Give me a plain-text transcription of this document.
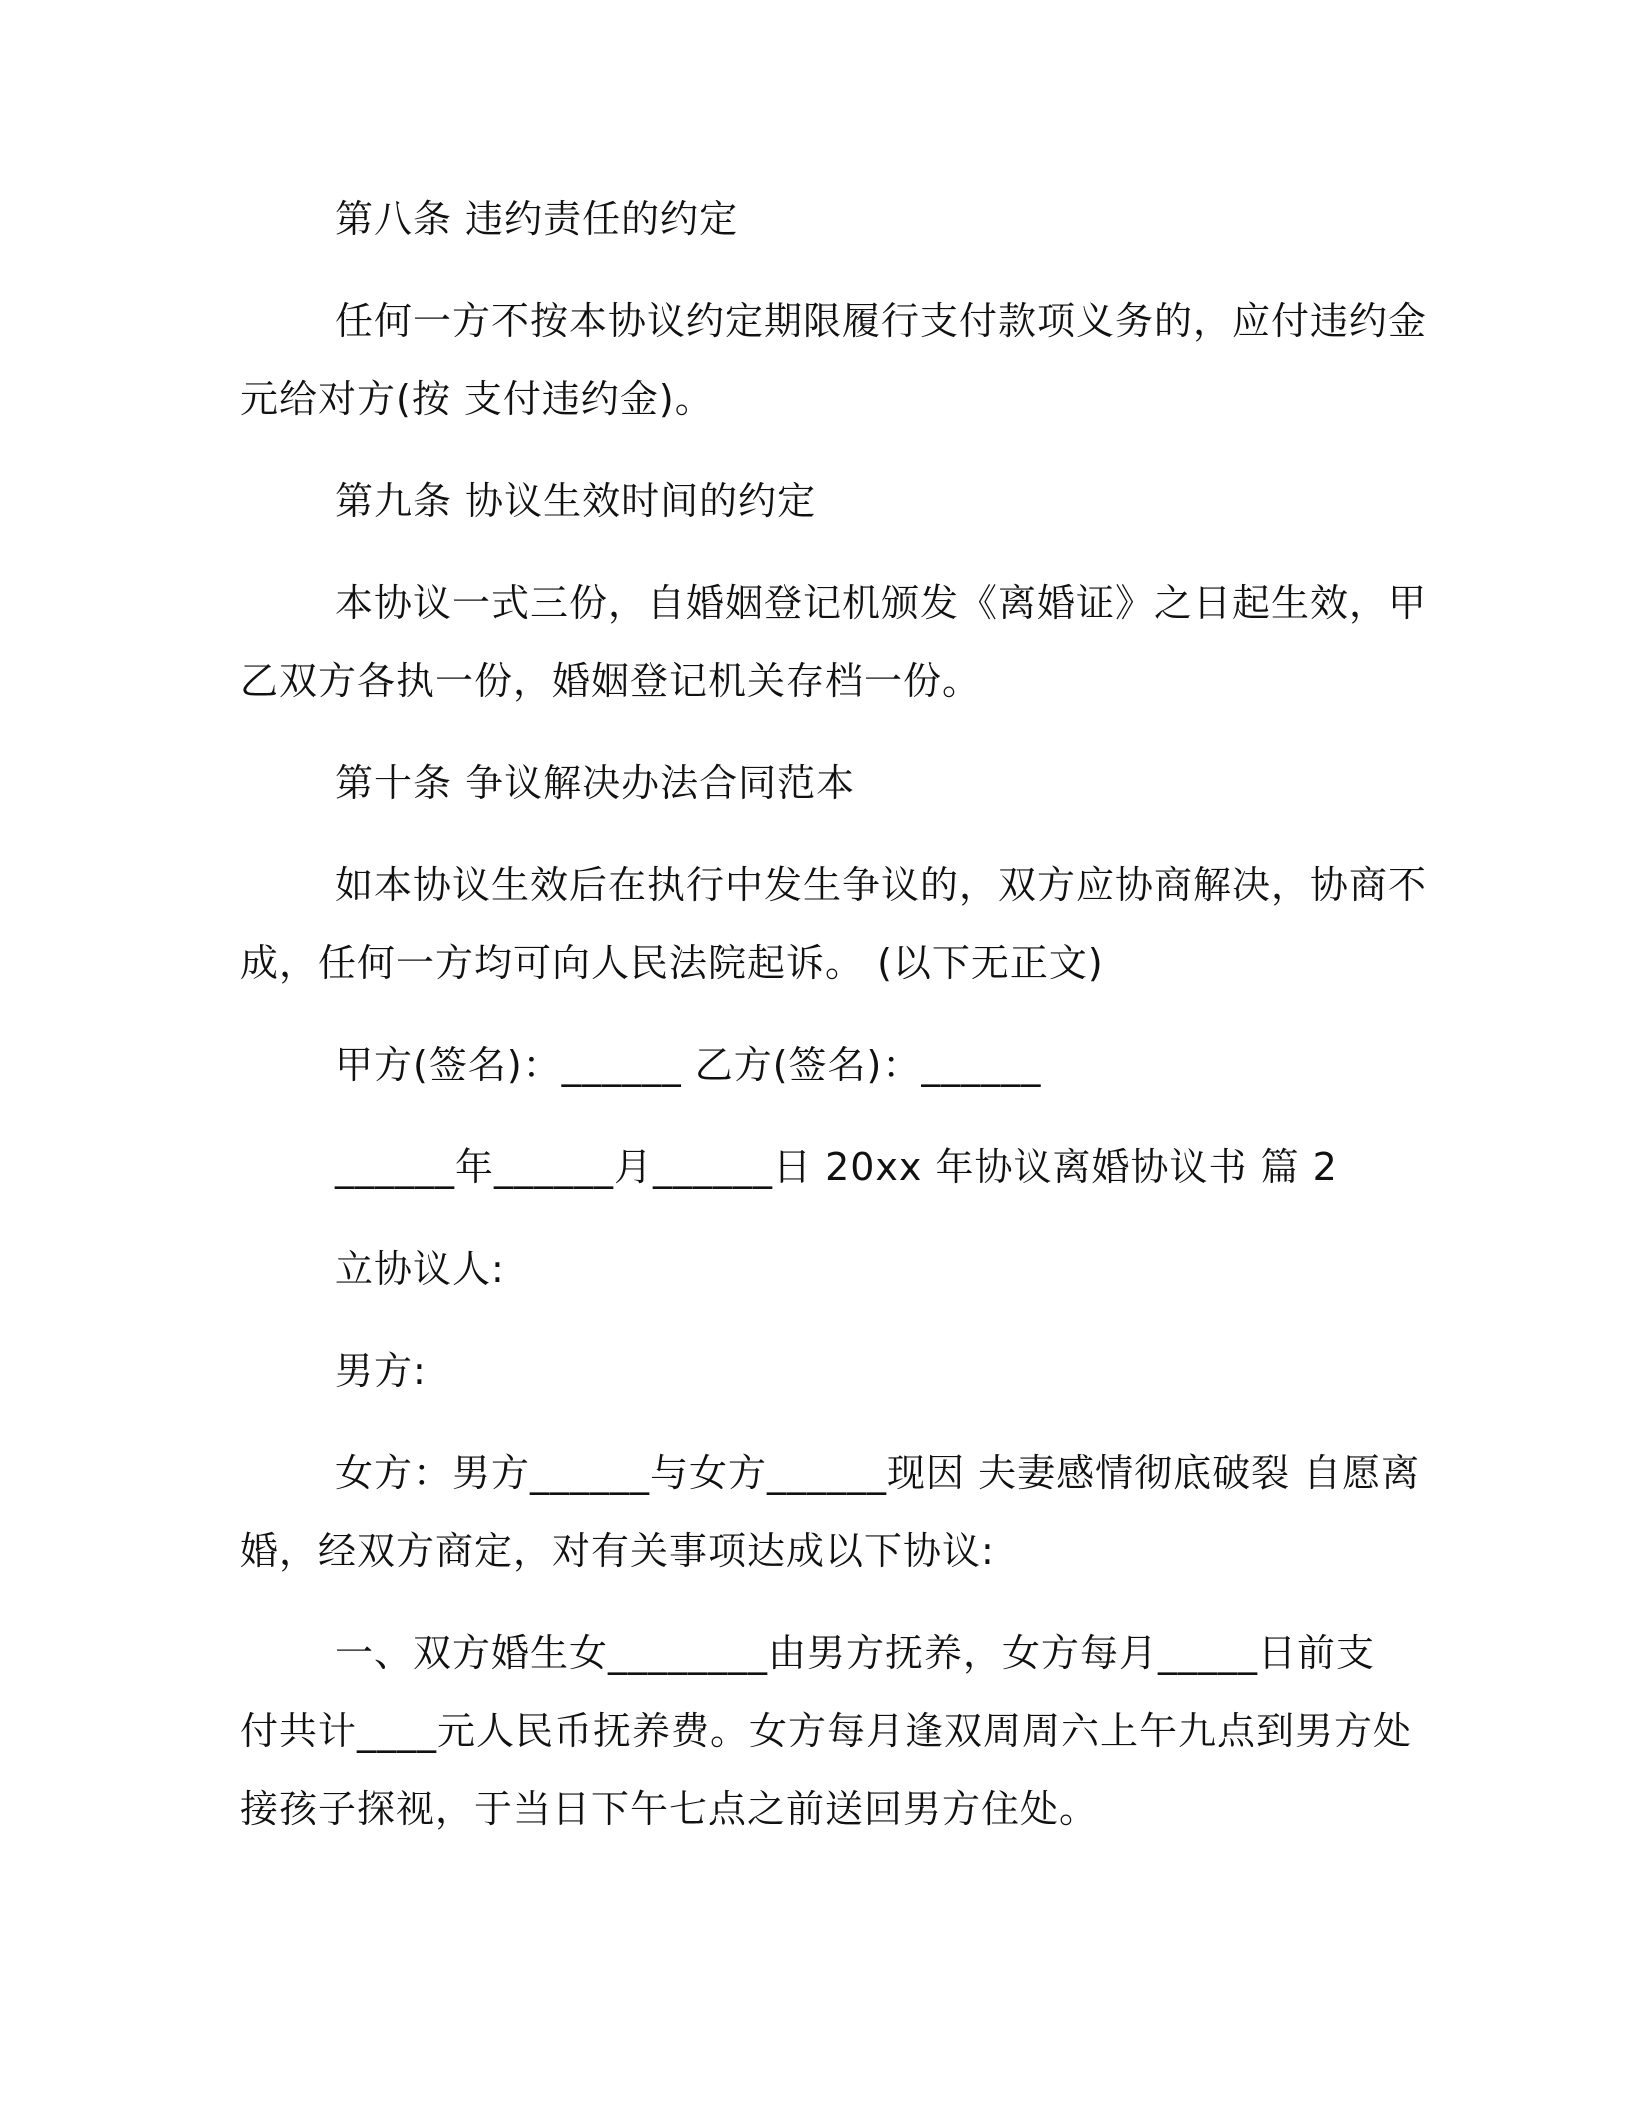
第八条 违约责任的约定
任何一方不按本协议约定期限履行支付款项义务的，应付违约金
元给对方(按 支付违约金)。
第九条 协议生效时间的约定
本协议一式三份，自婚姻登记机颁发《离婚证》之日起生效，甲
乙双方各执一份，婚姻登记机关存档一份。
第十条 争议解决办法合同范本
如本协议生效后在执行中发生争议的，双方应协商解决，协商不
成，任何一方均可向人民法院起诉。 (以下无正文)
甲方(签名)：______ 乙方(签名)：______
______年______月______日 20xx 年协议离婚协议书 篇 2
立协议人:
男方:
女方：男方______与女方______现因 夫妻感情彻底破裂 自愿离
婚，经双方商定，对有关事项达成以下协议:
一、双方婚生女________由男方抚养，女方每月_____日前支
付共计____元人民币抚养费。女方每月逢双周周六上午九点到男方处
接孩子探视，于当日下午七点之前送回男方住处。
